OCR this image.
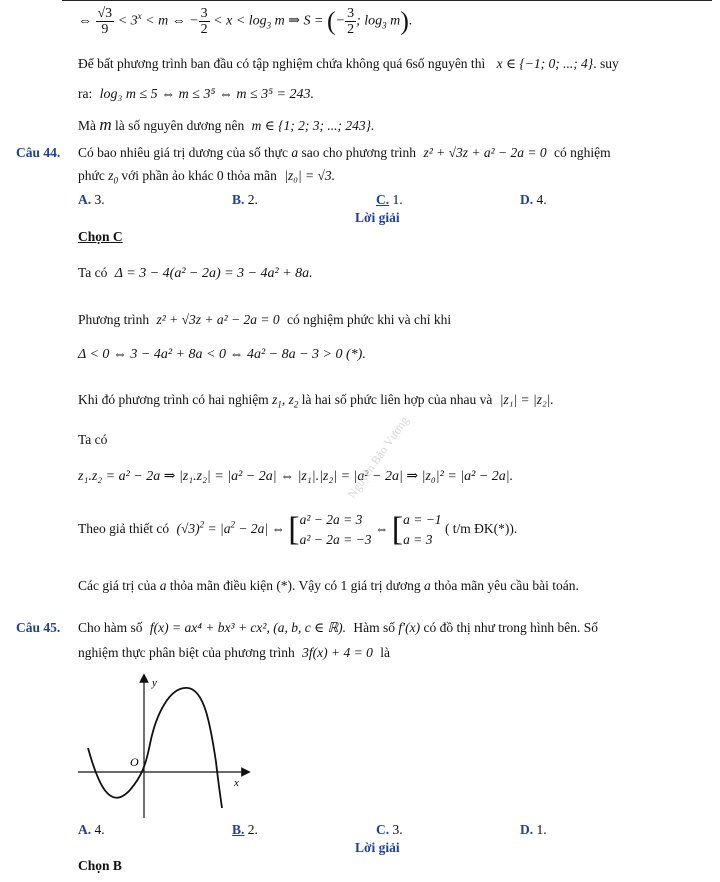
⇔ $\frac{√3}{9} < 3^x < m$ ⇔ − $\frac{3}{2} < x < \log_3 m$ ⇒ S = (− $\frac{3}{2}$ ; $\log_3 m$).
Để bất phương trình ban đầu có tập nghiệm chứa không quá 6số nguyên thì x ∈ {−1; 0; ...; 4}. suy
ra: log₃ m ≤ 5 ⇔ m ≤ 3⁵ ⇔ m ≤ 3⁵ = 243.
Mà m là số nguyên dương nên m ∈ {1; 2; 3; ...; 243}.
Câu 44. Có bao nhiêu giá trị dương của số thực a sao cho phương trình z² + √3z + a² − 2a = 0 có nghiệm
phức $z_0$ với phần ảo khác 0 thỏa mãn |z₀| = √3.
A. 3.	B. 2.	C. 1.	D. 4.
Lời giải
Chọn C
Ta có Δ = 3 − 4(a² − 2a) = 3 − 4a² + 8a.
Phương trình z² + √3z + a² − 2a = 0 có nghiệm phức khi và chỉ khi
Δ < 0 ⇔ 3 − 4a² + 8a < 0 ⇔ 4a² − 8a − 3 > 0 (*).
Khi đó phương trình có hai nghiệm $z_1$, $z_2$ là hai số phức liên hợp của nhau và |z₁| = |z₂|.
Ta có
z₁.z₂ = a² − 2a ⇒ |z₁.z₂| = |a² − 2a| ⇔ |z₁|.|z₂| = |a² − 2a| ⇒ |z₀|² = |a² − 2a|.
Theo giả thiết có $(√3)^2 = |a^2 - 2a|$ ⇔ [a² − 2a = 3
a² − 2a = −3 ⇔ [a = −1
a = 3 ( t/m ĐK(*)).
Các giá trị của a thỏa mãn điều kiện (*). Vậy có 1 giá trị dương a thỏa mãn yêu cầu bài toán.
Nguyễn Bảo Vương
Câu 45. Cho hàm số f(x) = ax⁴ + bx³ + cx², (a, b, c ∈ ℝ). Hàm số f′(x) có đồ thị như trong hình bên. Số
nghiệm thực phân biệt của phương trình 3f(x) + 4 = 0 là
y
x
O
A. 4.	B. 2.	C. 3.	D. 1.
Lời giải
Chọn B
